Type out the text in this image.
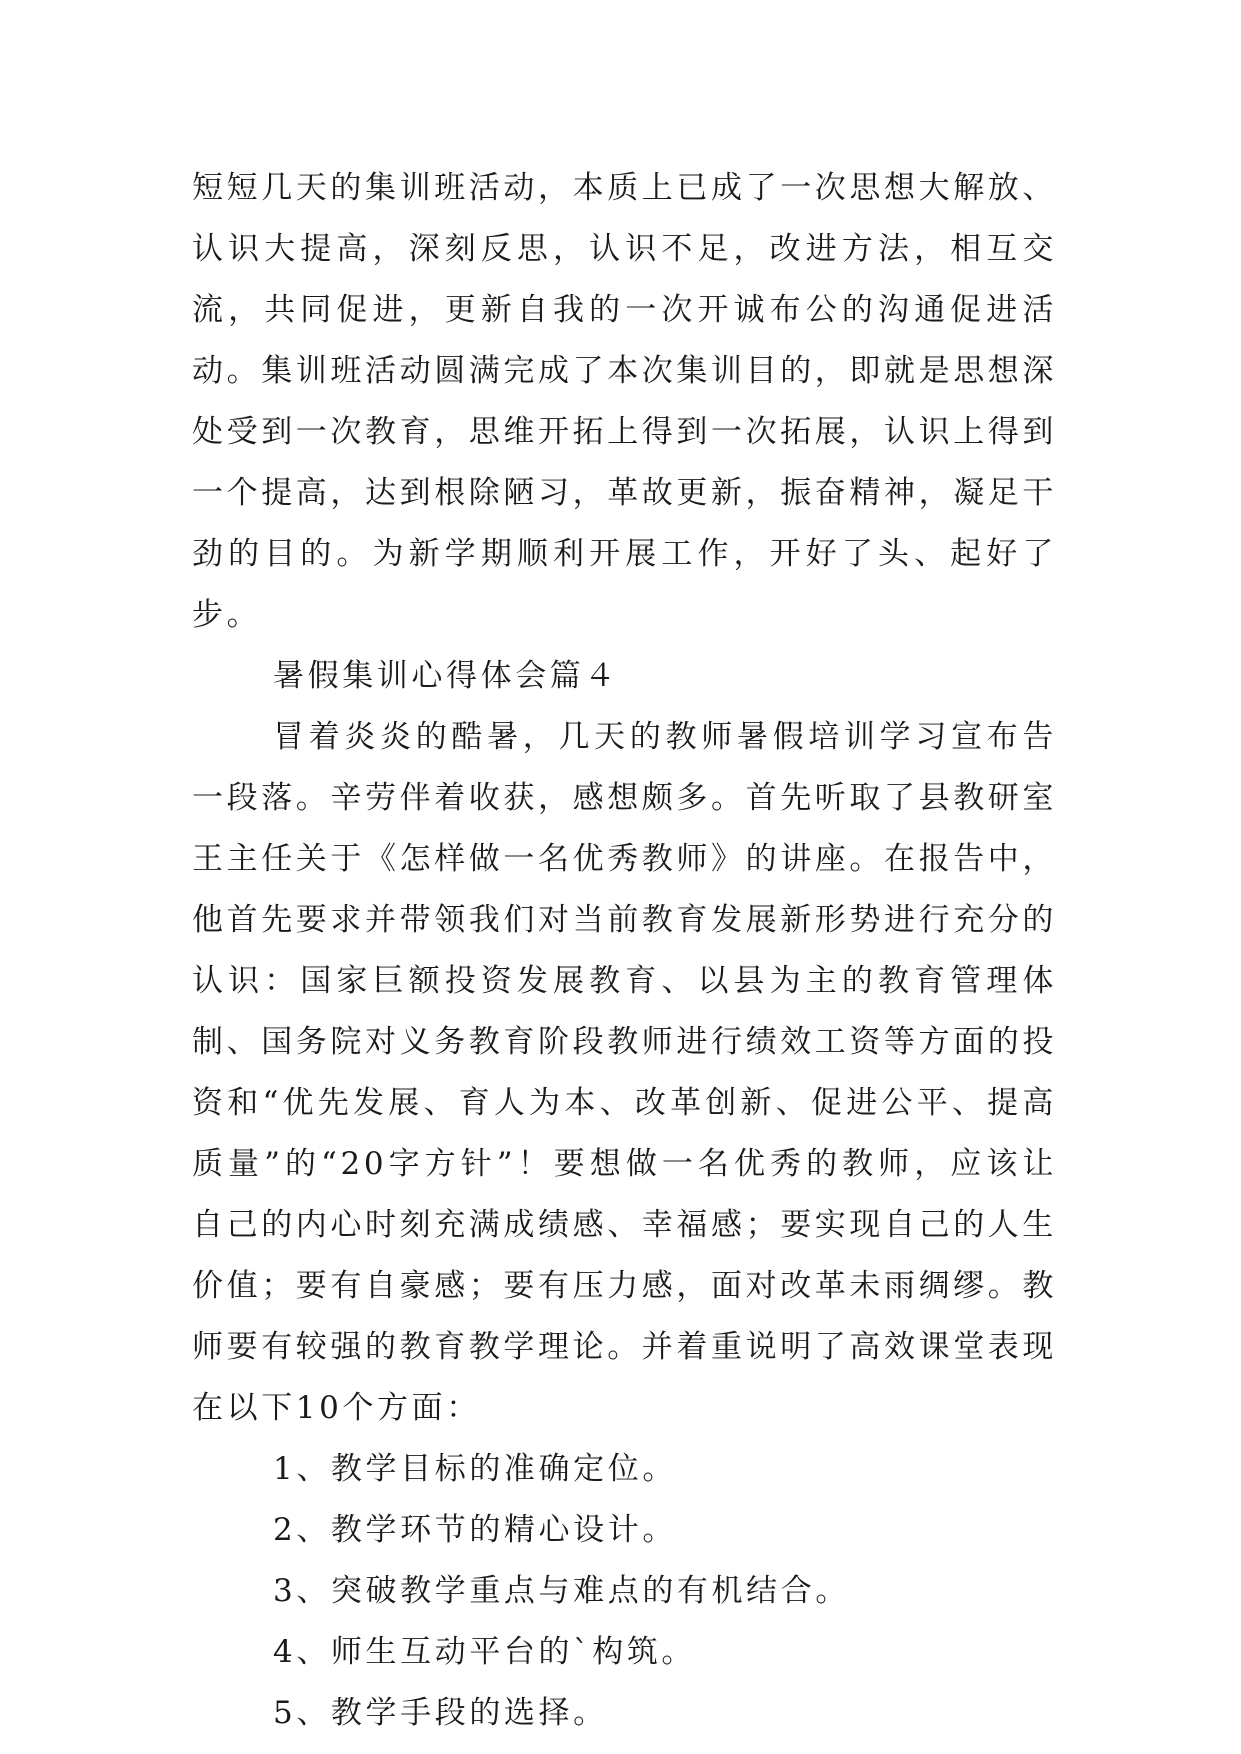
短短几天的集训班活动，本质上已成了一次思想大解放、认识大提高，深刻反思，认识不足，改进方法，相互交流，共同促进，更新自我的一次开诚布公的沟通促进活动。集训班活动圆满完成了本次集训目的，即就是思想深处受到一次教育，思维开拓上得到一次拓展，认识上得到一个提高，达到根除陋习，革故更新，振奋精神，凝足干劲的目的。为新学期顺利开展工作，开好了头、起好了步。

暑假集训心得体会篇４

冒着炎炎的酷暑，几天的教师暑假培训学习宣布告一段落。辛劳伴着收获，感想颇多。首先听取了县教研室王主任关于《怎样做一名优秀教师》的讲座。在报告中，他首先要求并带领我们对当前教育发展新形势进行充分的认识：国家巨额投资发展教育、以县为主的教育管理体制、国务院对义务教育阶段教师进行绩效工资等方面的投资和“优先发展、育人为本、改革创新、促进公平、提高质量”的“20字方针”！要想做一名优秀的教师，应该让自己的内心时刻充满成绩感、幸福感；要实现自己的人生价值；要有自豪感；要有压力感，面对改革未雨绸缪。教师要有较强的教育教学理论。并着重说明了高效课堂表现在以下10个方面：

1、教学目标的准确定位。

2、教学环节的精心设计。

3、突破教学重点与难点的有机结合。

4、师生互动平台的`构筑。

5、教学手段的选择。
